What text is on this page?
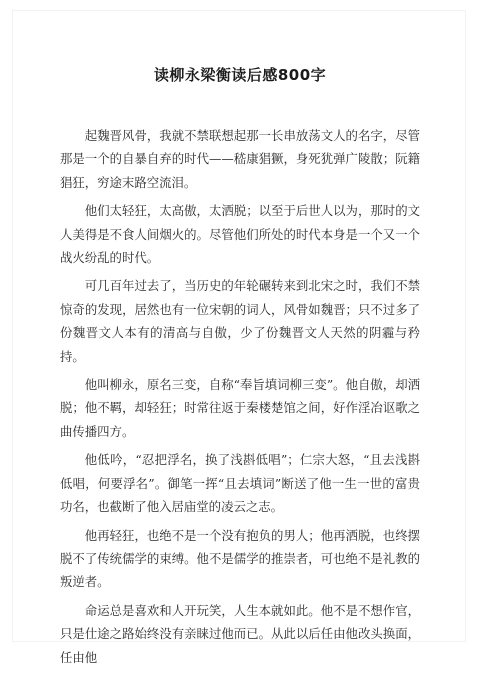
读柳永梁衡读后感800字

起魏晋风骨，我就不禁联想起那一长串放荡文人的名字，尽管那是一个的自暴自弃的时代——嵇康猖獗，身死犹弹广陵散；阮籍猖狂，穷途末路空流泪。

他们太轻狂，太高傲，太洒脱；以至于后世人以为，那时的文人美得是不食人间烟火的。尽管他们所处的时代本身是一个又一个战火纷乱的时代。

可几百年过去了，当历史的年轮碾转来到北宋之时，我们不禁惊奇的发现，居然也有一位宋朝的词人，风骨如魏晋；只不过多了份魏晋文人本有的清高与自傲，少了份魏晋文人天然的阴霾与矜持。

他叫柳永，原名三变，自称“奉旨填词柳三变”。他自傲，却洒脱；他不羁，却轻狂；时常往返于秦楼楚馆之间，好作淫冶讴歌之曲传播四方。

他低吟，“忍把浮名，换了浅斟低唱”；仁宗大怒，“且去浅斟低唱，何要浮名”。御笔一挥“且去填词”断送了他一生一世的富贵功名，也截断了他入居庙堂的凌云之志。

他再轻狂，也绝不是一个没有抱负的男人；他再洒脱，也终摆脱不了传统儒学的束缚。他不是儒学的推崇者，可也绝不是礼教的叛逆者。

命运总是喜欢和人开玩笑，人生本就如此。他不是不想作官，只是仕途之路始终没有亲睐过他而已。从此以后任由他改头换面，任由他
